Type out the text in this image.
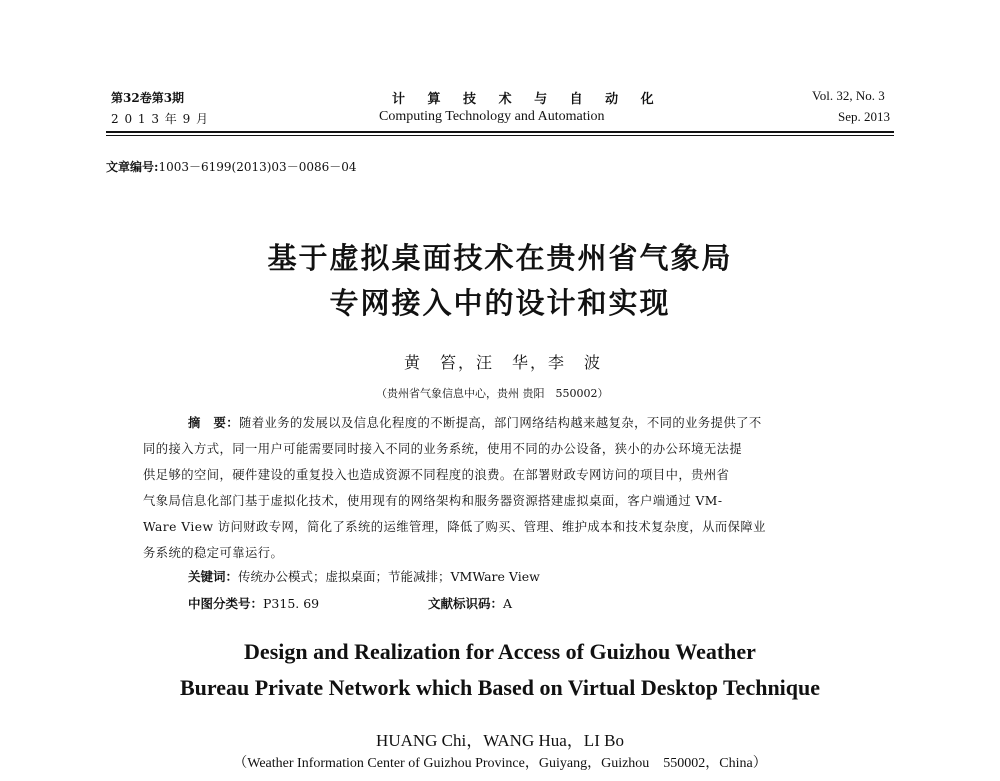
第32卷第3期
2 0 1 3 年 9 月
计 算 技 术 与 自 动 化
Computing Technology and Automation
Vol. 32, No. 3
Sep. 2013
文章编号:1003－6199(2013)03－0086－04
基于虚拟桌面技术在贵州省气象局
专网接入中的设计和实现
黄　笞，汪　华，李　波
（贵州省气象信息中心，贵州 贵阳　550002）
摘　要：随着业务的发展以及信息化程度的不断提高，部门网络结构越来越复杂，不同的业务提供了不
同的接入方式，同一用户可能需要同时接入不同的业务系统，使用不同的办公设备，狭小的办公环境无法提
供足够的空间，硬件建设的重复投入也造成资源不同程度的浪费。在部署财政专网访问的项目中，贵州省
气象局信息化部门基于虚拟化技术，使用现有的网络架构和服务器资源搭建虚拟桌面，客户端通过 VM-
Ware View 访问财政专网，简化了系统的运维管理，降低了购买、管理、维护成本和技术复杂度，从而保障业
务系统的稳定可靠运行。
关键词：传统办公模式；虚拟桌面；节能减排；VMWare View
中图分类号：P315. 69	文献标识码：A
Design and Realization for Access of Guizhou Weather
Bureau Private Network which Based on Virtual Desktop Technique
HUANG Chi，WANG Hua，LI Bo
（Weather Information Center of Guizhou Province，Guiyang，Guizhou　550002，China）
